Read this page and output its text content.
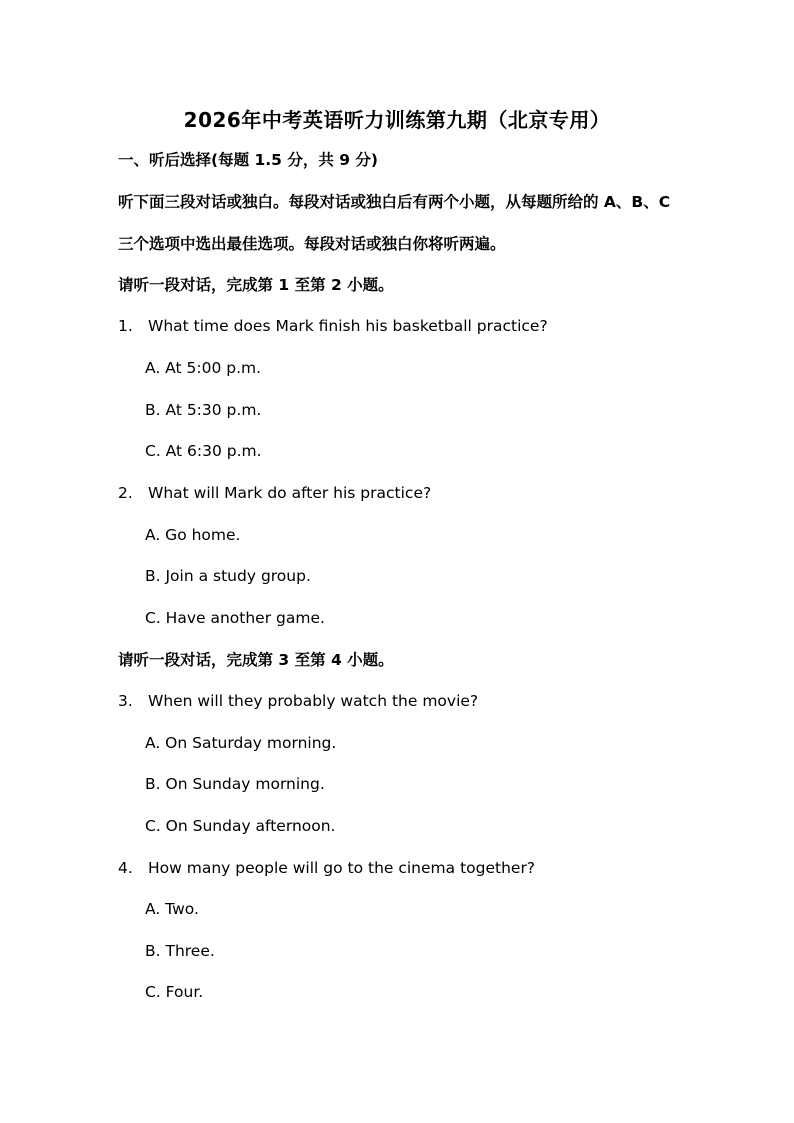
2026年中考英语听力训练第九期（北京专用）
一、听后选择(每题 1.5 分，共 9 分)
听下面三段对话或独白。每段对话或独白后有两个小题，从每题所给的 A、B、C
三个选项中选出最佳选项。每段对话或独白你将听两遍。
请听一段对话，完成第 1 至第 2 小题。
1. What time does Mark finish his basketball practice?
A. At 5:00 p.m.
B. At 5:30 p.m.
C. At 6:30 p.m.
2. What will Mark do after his practice?
A. Go home.
B. Join a study group.
C. Have another game.
请听一段对话，完成第 3 至第 4 小题。
3. When will they probably watch the movie?
A. On Saturday morning.
B. On Sunday morning.
C. On Sunday afternoon.
4. How many people will go to the cinema together?
A. Two.
B. Three.
C. Four.
